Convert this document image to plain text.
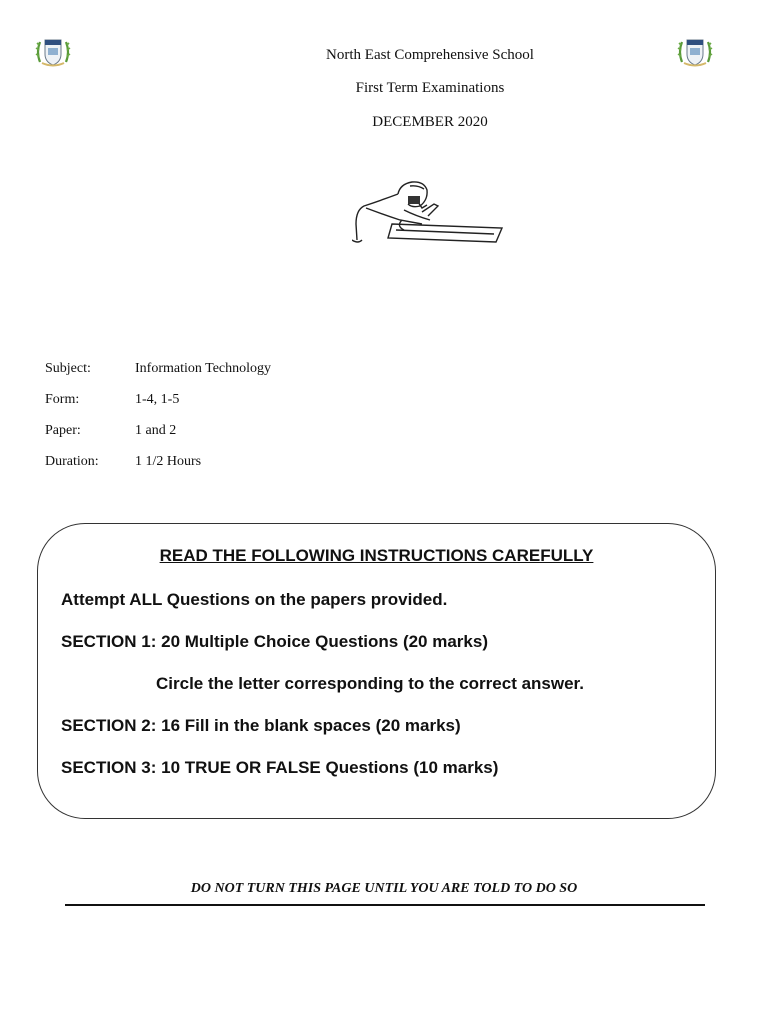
North East Comprehensive School
First Term Examinations
DECEMBER 2020
Subject:	Information Technology
Form:	1-4, 1-5
Paper:	1 and 2
Duration:	1 1/2 Hours
READ THE FOLLOWING INSTRUCTIONS CAREFULLY
Attempt ALL Questions on the papers provided.
SECTION 1: 20 Multiple Choice Questions (20 marks)
Circle the letter corresponding to the correct answer.
SECTION 2: 16 Fill in the blank spaces (20 marks)
SECTION 3: 10 TRUE OR FALSE Questions (10 marks)
DO NOT TURN THIS PAGE UNTIL YOU ARE TOLD TO DO SO
